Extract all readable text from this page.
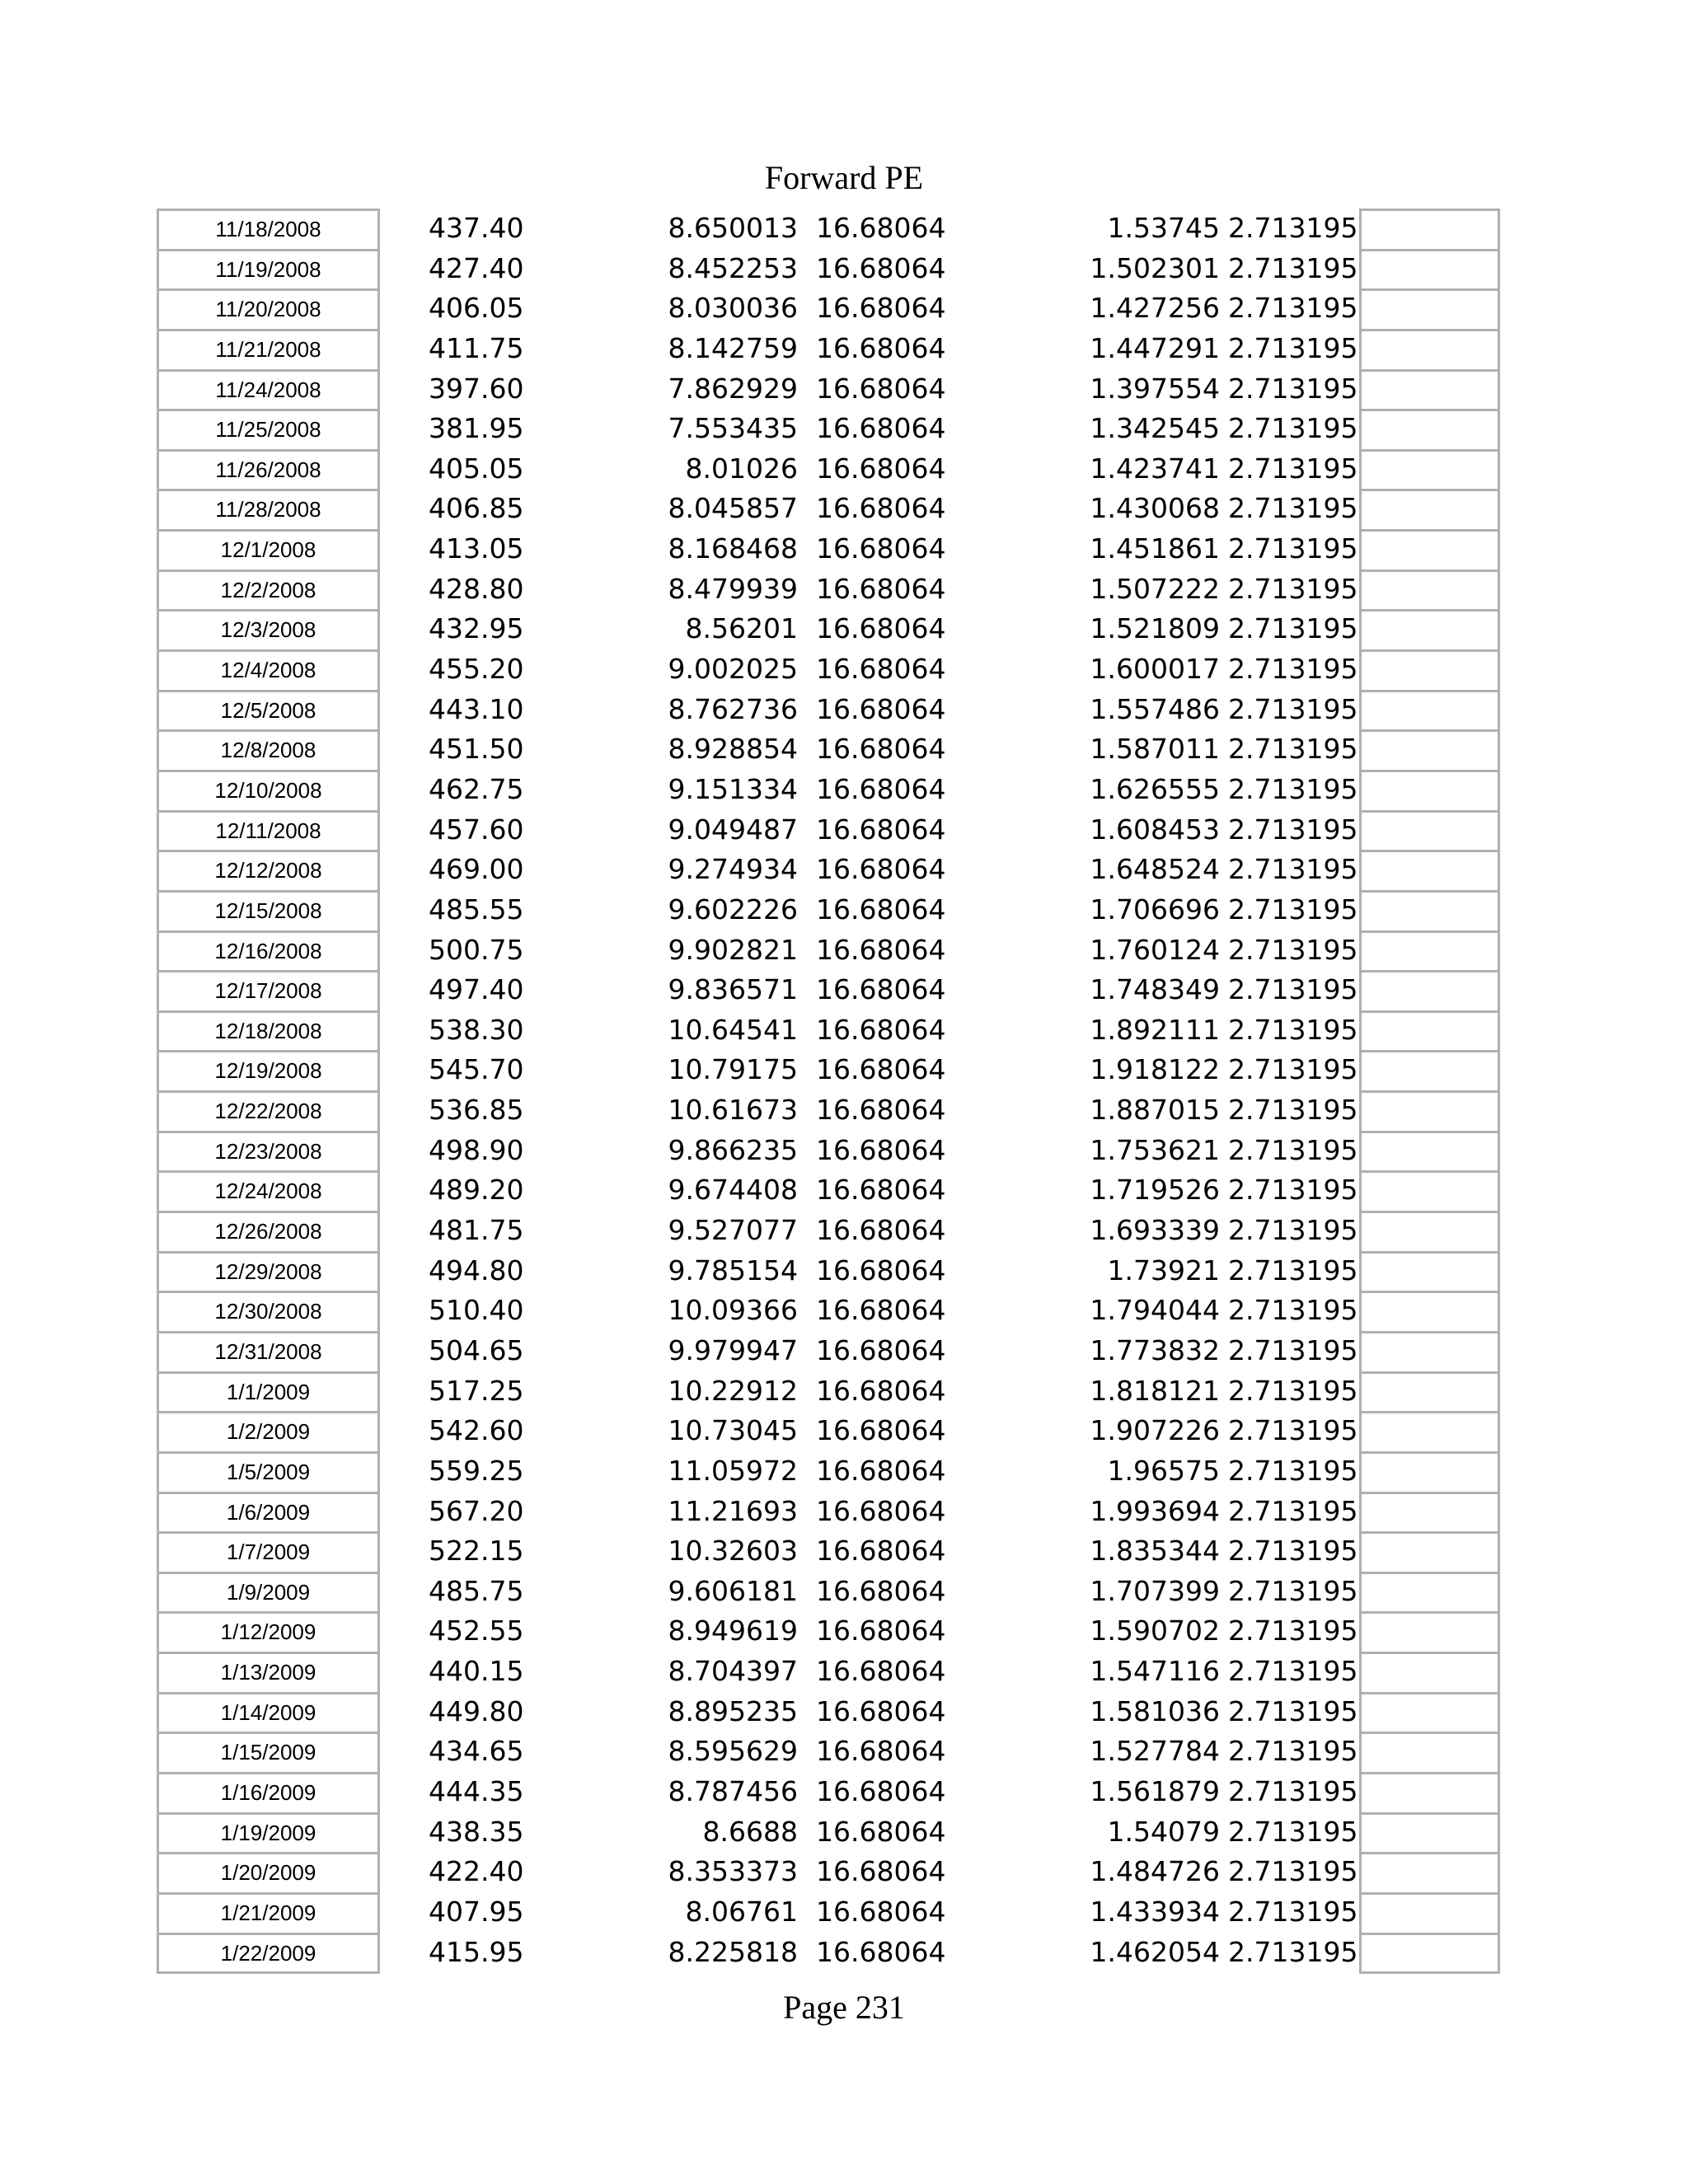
Forward PE
11/18/2008	437.40	8.650013 16.68064	1.53745 2.713195
11/19/2008	427.40	8.452253 16.68064	1.502301 2.713195
11/20/2008	406.05	8.030036 16.68064	1.427256 2.713195
11/21/2008	411.75	8.142759 16.68064	1.447291 2.713195
11/24/2008	397.60	7.862929 16.68064	1.397554 2.713195
11/25/2008	381.95	7.553435 16.68064	1.342545 2.713195
11/26/2008	405.05	8.01026 16.68064	1.423741 2.713195
11/28/2008	406.85	8.045857 16.68064	1.430068 2.713195
12/1/2008	413.05	8.168468 16.68064	1.451861 2.713195
12/2/2008	428.80	8.479939 16.68064	1.507222 2.713195
12/3/2008	432.95	8.56201 16.68064	1.521809 2.713195
12/4/2008	455.20	9.002025 16.68064	1.600017 2.713195
12/5/2008	443.10	8.762736 16.68064	1.557486 2.713195
12/8/2008	451.50	8.928854 16.68064	1.587011 2.713195
12/10/2008	462.75	9.151334 16.68064	1.626555 2.713195
12/11/2008	457.60	9.049487 16.68064	1.608453 2.713195
12/12/2008	469.00	9.274934 16.68064	1.648524 2.713195
12/15/2008	485.55	9.602226 16.68064	1.706696 2.713195
12/16/2008	500.75	9.902821 16.68064	1.760124 2.713195
12/17/2008	497.40	9.836571 16.68064	1.748349 2.713195
12/18/2008	538.30	10.64541 16.68064	1.892111 2.713195
12/19/2008	545.70	10.79175 16.68064	1.918122 2.713195
12/22/2008	536.85	10.61673 16.68064	1.887015 2.713195
12/23/2008	498.90	9.866235 16.68064	1.753621 2.713195
12/24/2008	489.20	9.674408 16.68064	1.719526 2.713195
12/26/2008	481.75	9.527077 16.68064	1.693339 2.713195
12/29/2008	494.80	9.785154 16.68064	1.73921 2.713195
12/30/2008	510.40	10.09366 16.68064	1.794044 2.713195
12/31/2008	504.65	9.979947 16.68064	1.773832 2.713195
1/1/2009	517.25	10.22912 16.68064	1.818121 2.713195
1/2/2009	542.60	10.73045 16.68064	1.907226 2.713195
1/5/2009	559.25	11.05972 16.68064	1.96575 2.713195
1/6/2009	567.20	11.21693 16.68064	1.993694 2.713195
1/7/2009	522.15	10.32603 16.68064	1.835344 2.713195
1/9/2009	485.75	9.606181 16.68064	1.707399 2.713195
1/12/2009	452.55	8.949619 16.68064	1.590702 2.713195
1/13/2009	440.15	8.704397 16.68064	1.547116 2.713195
1/14/2009	449.80	8.895235 16.68064	1.581036 2.713195
1/15/2009	434.65	8.595629 16.68064	1.527784 2.713195
1/16/2009	444.35	8.787456 16.68064	1.561879 2.713195
1/19/2009	438.35	8.6688 16.68064	1.54079 2.713195
1/20/2009	422.40	8.353373 16.68064	1.484726 2.713195
1/21/2009	407.95	8.06761 16.68064	1.433934 2.713195
1/22/2009	415.95	8.225818 16.68064	1.462054 2.713195
Page 231
